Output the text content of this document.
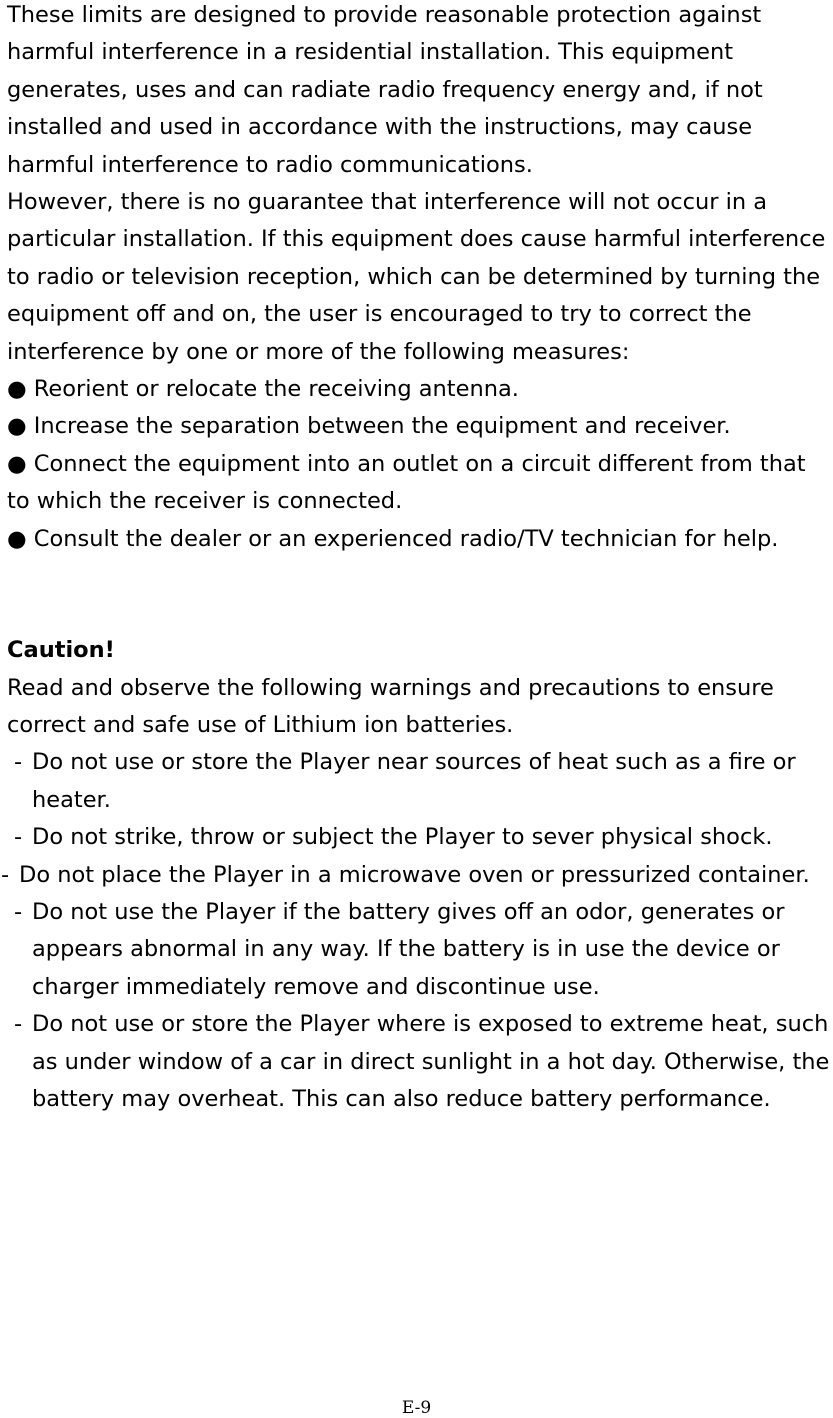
These limits are designed to provide reasonable protection against harmful interference in a residential installation. This equipment generates, uses and can radiate radio frequency energy and, if not installed and used in accordance with the instructions, may cause harmful interference to radio communications.

However, there is no guarantee that interference will not occur in a particular installation. If this equipment does cause harmful interference to radio or television reception, which can be determined by turning the equipment off and on, the user is encouraged to try to correct the interference by one or more of the following measures:

● Reorient or relocate the receiving antenna.

● Increase the separation between the equipment and receiver.

● Connect the equipment into an outlet on a circuit different from that to which the receiver is connected.

● Consult the dealer or an experienced radio/TV technician for help.

Caution!

Read and observe the following warnings and precautions to ensure correct and safe use of Lithium ion batteries.

- Do not use or store the Player near sources of heat such as a fire or heater.

- Do not strike, throw or subject the Player to sever physical shock.

- Do not place the Player in a microwave oven or pressurized container.

- Do not use the Player if the battery gives off an odor, generates or appears abnormal in any way. If the battery is in use the device or charger immediately remove and discontinue use.

- Do not use or store the Player where is exposed to extreme heat, such as under window of a car in direct sunlight in a hot day. Otherwise, the battery may overheat. This can also reduce battery performance.

E-9
